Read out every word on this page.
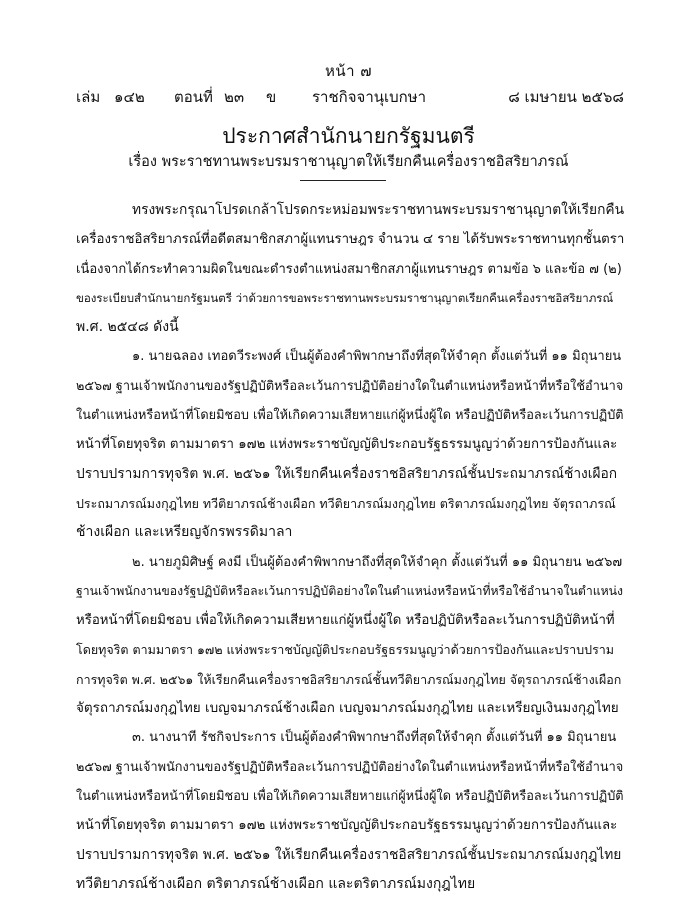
หน้า ๗
เล่ม ๑๔๒ ตอนที่ ๒๓ ข ราชกิจจานุเบกษา	๘ เมษายน ๒๕๖๘
ประกาศสำนักนายกรัฐมนตรี
เรื่อง พระราชทานพระบรมราชานุญาตให้เรียกคืนเครื่องราชอิสริยาภรณ์
ทรงพระกรุณาโปรดเกล้าโปรดกระหม่อมพระราชทานพระบรมราชานุญาตให้เรียกคืน
เครื่องราชอิสริยาภรณ์ที่อดีตสมาชิกสภาผู้แทนราษฎร จำนวน ๔ ราย ได้รับพระราชทานทุกชั้นตรา
เนื่องจากได้กระทำความผิดในขณะดำรงตำแหน่งสมาชิกสภาผู้แทนราษฎร ตามข้อ ๖ และข้อ ๗ (๒)
ของระเบียบสำนักนายกรัฐมนตรี ว่าด้วยการขอพระราชทานพระบรมราชานุญาตเรียกคืนเครื่องราชอิสริยาภรณ์
พ.ศ. ๒๕๔๘ ดังนี้
๑. นายฉลอง เทอดวีระพงศ์ เป็นผู้ต้องคำพิพากษาถึงที่สุดให้จำคุก ตั้งแต่วันที่ ๑๑ มิถุนายน
๒๕๖๗ ฐานเจ้าพนักงานของรัฐปฏิบัติหรือละเว้นการปฏิบัติอย่างใดในตำแหน่งหรือหน้าที่หรือใช้อำนาจ
ในตำแหน่งหรือหน้าที่โดยมิชอบ เพื่อให้เกิดความเสียหายแก่ผู้หนึ่งผู้ใด หรือปฏิบัติหรือละเว้นการปฏิบัติ
หน้าที่โดยทุจริต ตามมาตรา ๑๗๒ แห่งพระราชบัญญัติประกอบรัฐธรรมนูญว่าด้วยการป้องกันและ
ปราบปรามการทุจริต พ.ศ. ๒๕๖๑ ให้เรียกคืนเครื่องราชอิสริยาภรณ์ชั้นประถมาภรณ์ช้างเผือก
ประถมาภรณ์มงกุฎไทย ทวีติยาภรณ์ช้างเผือก ทวีติยาภรณ์มงกุฎไทย ตริตาภรณ์มงกุฎไทย จัตุรถาภรณ์
ช้างเผือก และเหรียญจักรพรรดิมาลา
๒. นายภูมิศิษฐ์ คงมี เป็นผู้ต้องคำพิพากษาถึงที่สุดให้จำคุก ตั้งแต่วันที่ ๑๑ มิถุนายน ๒๕๖๗
ฐานเจ้าพนักงานของรัฐปฏิบัติหรือละเว้นการปฏิบัติอย่างใดในตำแหน่งหรือหน้าที่หรือใช้อำนาจในตำแหน่ง
หรือหน้าที่โดยมิชอบ เพื่อให้เกิดความเสียหายแก่ผู้หนึ่งผู้ใด หรือปฏิบัติหรือละเว้นการปฏิบัติหน้าที่
โดยทุจริต ตามมาตรา ๑๗๒ แห่งพระราชบัญญัติประกอบรัฐธรรมนูญว่าด้วยการป้องกันและปราบปราม
การทุจริต พ.ศ. ๒๕๖๑ ให้เรียกคืนเครื่องราชอิสริยาภรณ์ชั้นทวีติยาภรณ์มงกุฎไทย จัตุรถาภรณ์ช้างเผือก
จัตุรถาภรณ์มงกุฎไทย เบญจมาภรณ์ช้างเผือก เบญจมาภรณ์มงกุฎไทย และเหรียญเงินมงกุฎไทย
๓. นางนาที รัชกิจประการ เป็นผู้ต้องคำพิพากษาถึงที่สุดให้จำคุก ตั้งแต่วันที่ ๑๑ มิถุนายน
๒๕๖๗ ฐานเจ้าพนักงานของรัฐปฏิบัติหรือละเว้นการปฏิบัติอย่างใดในตำแหน่งหรือหน้าที่หรือใช้อำนาจ
ในตำแหน่งหรือหน้าที่โดยมิชอบ เพื่อให้เกิดความเสียหายแก่ผู้หนึ่งผู้ใด หรือปฏิบัติหรือละเว้นการปฏิบัติ
หน้าที่โดยทุจริต ตามมาตรา ๑๗๒ แห่งพระราชบัญญัติประกอบรัฐธรรมนูญว่าด้วยการป้องกันและ
ปราบปรามการทุจริต พ.ศ. ๒๕๖๑ ให้เรียกคืนเครื่องราชอิสริยาภรณ์ชั้นประถมาภรณ์มงกุฎไทย
ทวีติยาภรณ์ช้างเผือก ตริตาภรณ์ช้างเผือก และตริตาภรณ์มงกุฎไทย
